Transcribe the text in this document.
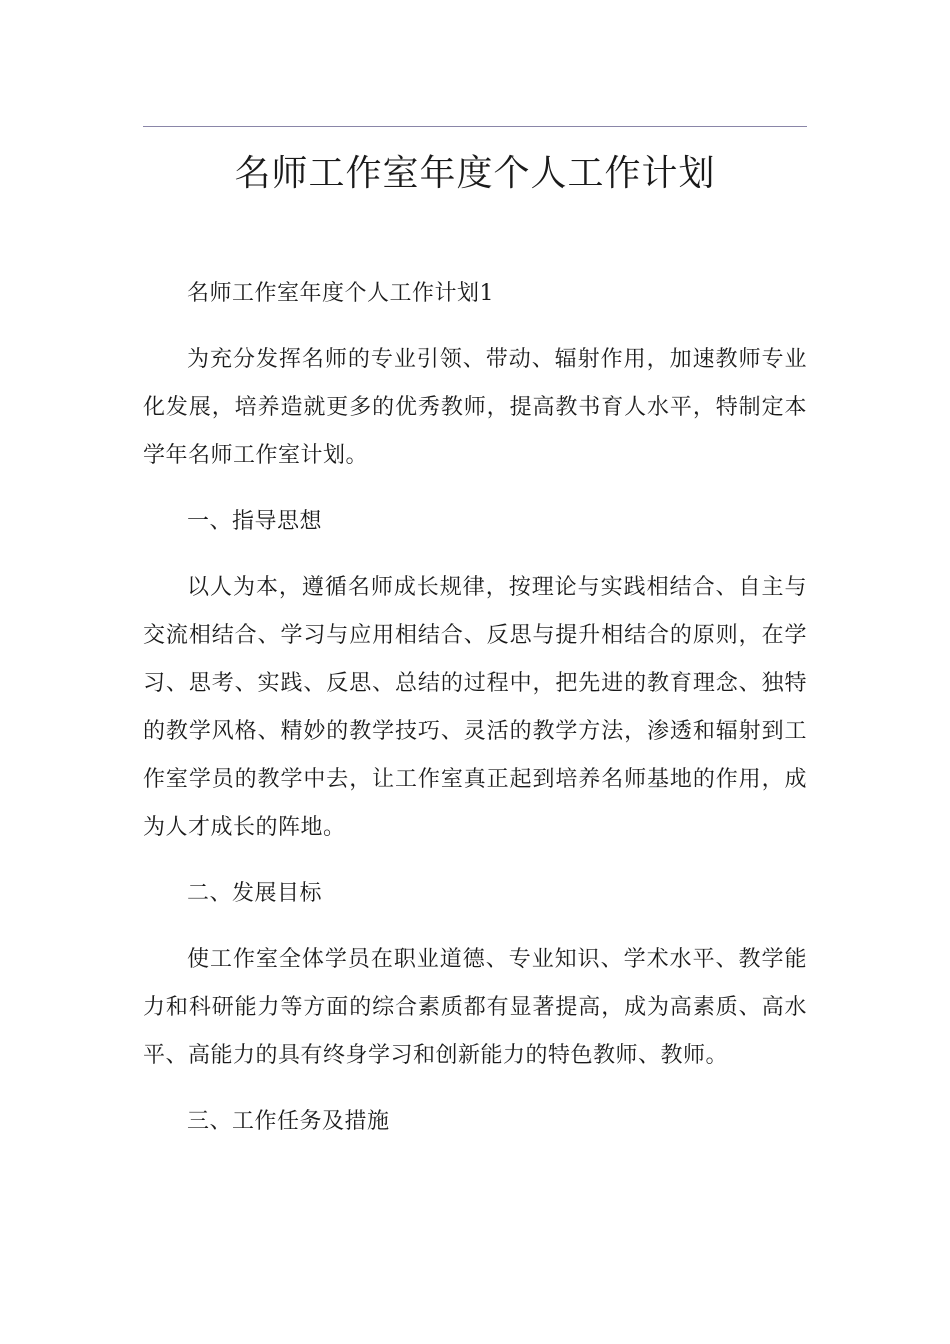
名师工作室年度个人工作计划

名师工作室年度个人工作计划1

为充分发挥名师的专业引领、带动、辐射作用，加速教师专业化发展，培养造就更多的优秀教师，提高教书育人水平，特制定本学年名师工作室计划。

一、指导思想

以人为本，遵循名师成长规律，按理论与实践相结合、自主与交流相结合、学习与应用相结合、反思与提升相结合的原则，在学习、思考、实践、反思、总结的过程中，把先进的教育理念、独特的教学风格、精妙的教学技巧、灵活的教学方法，渗透和辐射到工作室学员的教学中去，让工作室真正起到培养名师基地的作用，成为人才成长的阵地。

二、发展目标

使工作室全体学员在职业道德、专业知识、学术水平、教学能力和科研能力等方面的综合素质都有显著提高，成为高素质、高水平、高能力的具有终身学习和创新能力的特色教师、教师。

三、工作任务及措施
